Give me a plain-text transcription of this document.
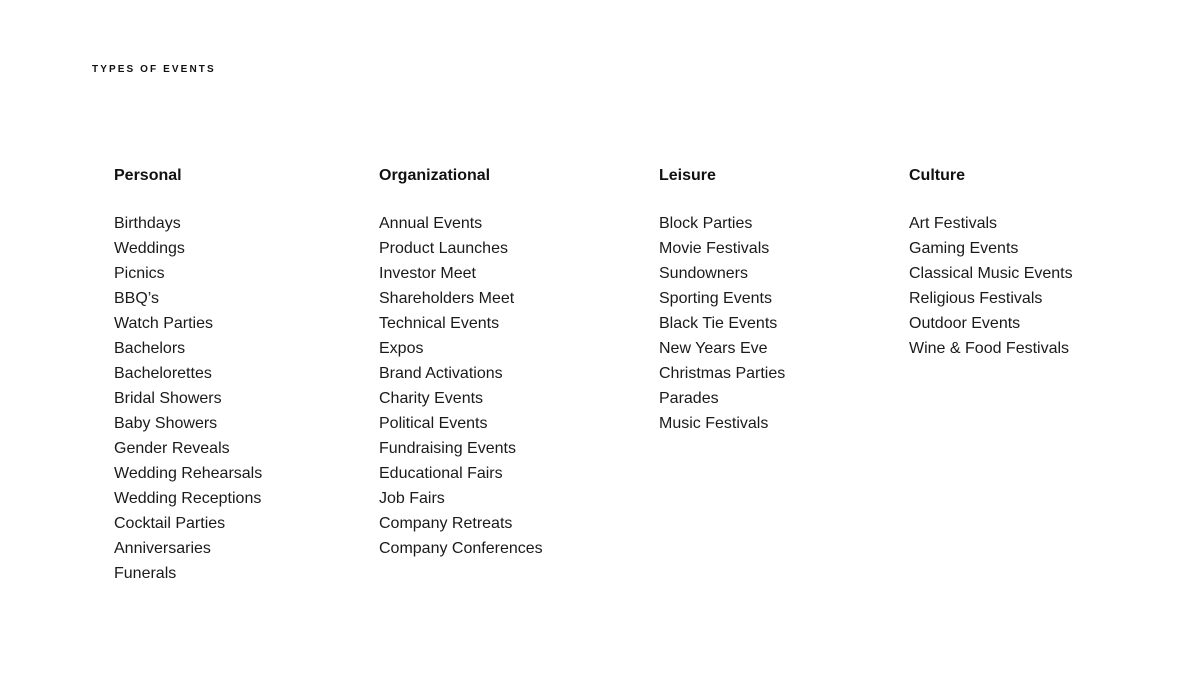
TYPES OF EVENTS
Personal
Birthdays
Weddings
Picnics
BBQ’s
Watch Parties
Bachelors
Bachelorettes
Bridal Showers
Baby Showers
Gender Reveals
Wedding Rehearsals
Wedding Receptions
Cocktail Parties
Anniversaries
Funerals
Organizational
Annual Events
Product Launches
Investor Meet
Shareholders Meet
Technical Events
Expos
Brand Activations
Charity Events
Political Events
Fundraising Events
Educational Fairs
Job Fairs
Company Retreats
Company Conferences
Leisure
Block Parties
Movie Festivals
Sundowners
Sporting Events
Black Tie Events
New Years Eve
Christmas Parties
Parades
Music Festivals
Culture
Art Festivals
Gaming Events
Classical Music Events
Religious Festivals
Outdoor Events
Wine & Food Festivals
